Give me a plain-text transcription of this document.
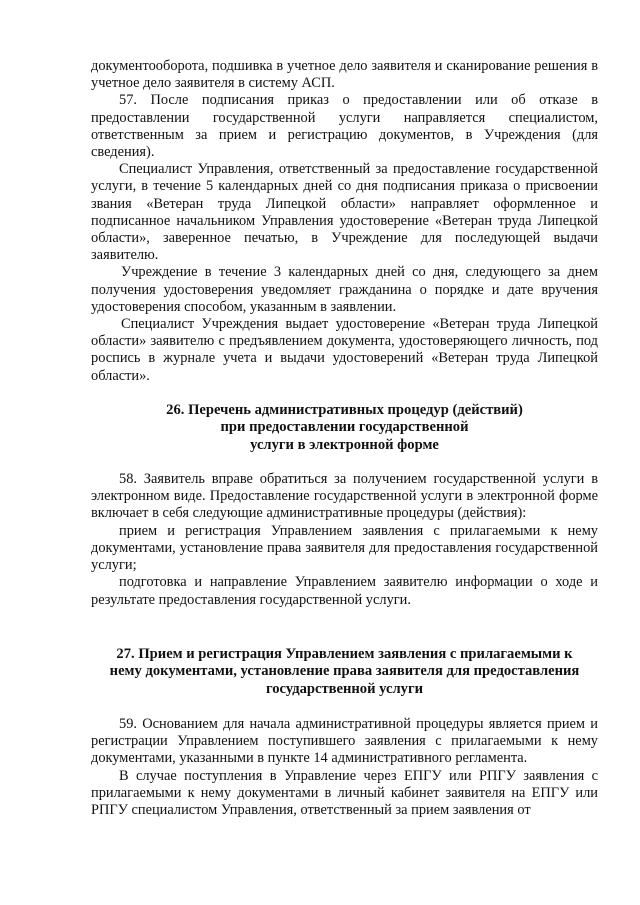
документооборота, подшивка в учетное дело заявителя и сканирование решения в учетное дело заявителя в систему АСП.

57. После подписания приказ о предоставлении или об отказе в предоставлении государственной услуги направляется специалистом, ответственным за прием и регистрацию документов, в Учреждения (для сведения).

Специалист Управления, ответственный за предоставление государственной услуги, в течение 5 календарных дней со дня подписания приказа о присвоении звания «Ветеран труда Липецкой области» направляет оформленное и подписанное начальником Управления удостоверение «Ветеран труда Липецкой области», заверенное печатью, в Учреждение для последующей выдачи заявителю.

Учреждение в течение 3 календарных дней со дня, следующего за днем получения удостоверения уведомляет гражданина о порядке и дате вручения удостоверения способом, указанным в заявлении.

Специалист Учреждения выдает удостоверение «Ветеран труда Липецкой области» заявителю с предъявлением документа, удостоверяющего личность, под роспись в журнале учета и выдачи удостоверений «Ветеран труда Липецкой области».

26. Перечень административных процедур (действий)
при предоставлении государственной
услуги в электронной форме

58. Заявитель вправе обратиться за получением государственной услуги в электронном виде. Предоставление государственной услуги в электронной форме включает в себя следующие административные процедуры (действия):

прием и регистрация Управлением заявления с прилагаемыми к нему документами, установление права заявителя для предоставления государственной услуги;

подготовка и направление Управлением заявителю информации о ходе и результате предоставления государственной услуги.

27. Прием и регистрация Управлением заявления с прилагаемыми к
нему документами, установление права заявителя для предоставления
государственной услуги

59. Основанием для начала административной процедуры является прием и регистрации Управлением поступившего заявления с прилагаемыми к нему документами, указанными в пункте 14 административного регламента.

В случае поступления в Управление через ЕПГУ или РПГУ заявления с прилагаемыми к нему документами в личный кабинет заявителя на ЕПГУ или РПГУ специалистом Управления, ответственный за прием заявления от
